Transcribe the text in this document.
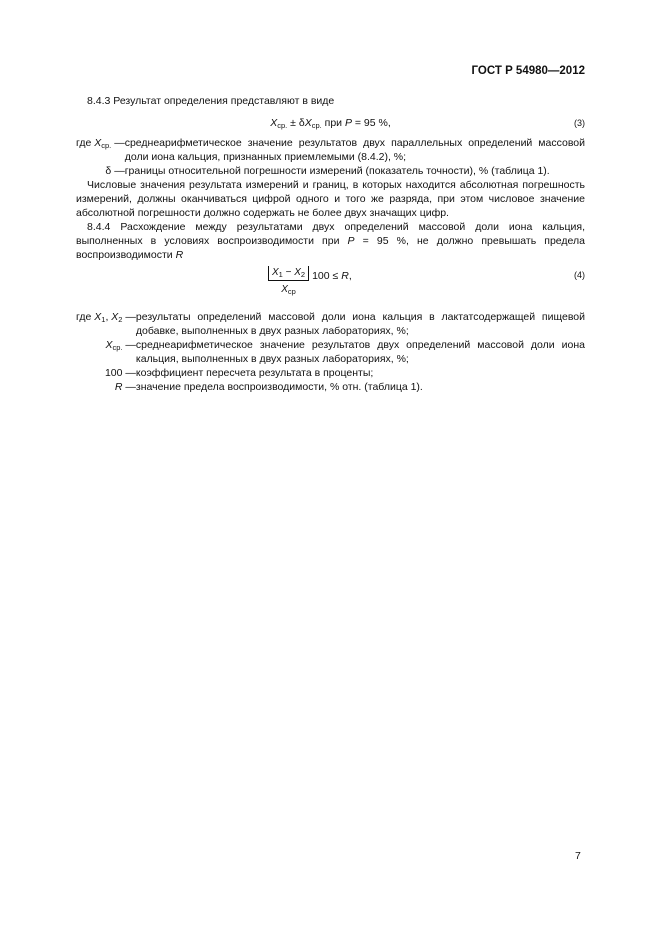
ГОСТ Р 54980—2012

8.4.3 Результат определения представляют в виде

$X_{ср.} \pm \delta X_{ср.}$ при P = 95 %,	(3)
где $X_{ср.}$ —	среднеарифметическое значение результатов двух параллельных определений массовой доли иона кальция, признанных приемлемыми (8.4.2), %;
δ —	границы относительной погрешности измерений (показатель точности), % (таблица 1).

Числовые значения результата измерений и границ, в которых находится абсолютная погрешность измерений, должны оканчиваться цифрой одного и того же разряда, при этом числовое значение абсолютной погрешности должно содержать не более двух значащих цифр.

8.4.4 Расхождение между результатами двух определений массовой доли иона кальция, выполненных в условиях воспроизводимости при P = 95 %, не должно превышать предела воспроизводимости R

$\frac{X_1 - X_2}{X_{ср}} 100 \le R$,	(4)
где $X_1$, $X_2$ —	результаты определений массовой доли иона кальция в лактатсодержащей пищевой добавке, выполненных в двух разных лабораториях, %;
$X_{ср.}$ —	среднеарифметическое значение результатов двух определений массовой доли иона кальция, выполненных в двух разных лабораториях, %;
100 —	коэффициент пересчета результата в проценты;
R —	значение предела воспроизводимости, % отн. (таблица 1).
7
